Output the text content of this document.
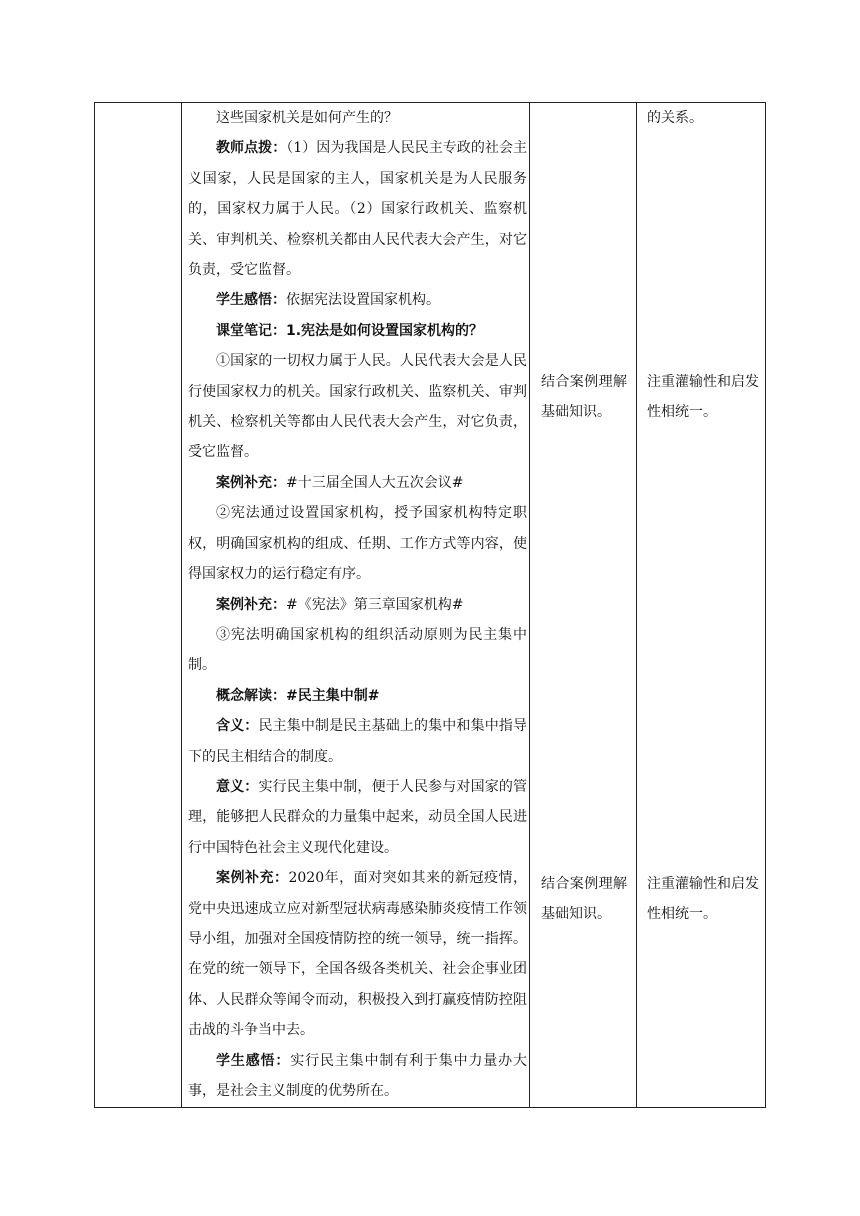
的关系。

这些国家机关是如何产生的？

教师点拨：（1）因为我国是人民民主专政的社会主义国家，人民是国家的主人，国家机关是为人民服务的，国家权力属于人民。（2）国家行政机关、监察机关、审判机关、检察机关都由人民代表大会产生，对它负责，受它监督。

学生感悟：依据宪法设置国家机构。

课堂笔记：1.宪法是如何设置国家机构的？

①国家的一切权力属于人民。人民代表大会是人民行使国家权力的机关。国家行政机关、监察机关、审判机关、检察机关等都由人民代表大会产生，对它负责，受它监督。

案例补充：#十三届全国人大五次会议#

②宪法通过设置国家机构，授予国家机构特定职权，明确国家机构的组成、任期、工作方式等内容，使得国家权力的运行稳定有序。

案例补充：#《宪法》第三章国家机构#

③宪法明确国家机构的组织活动原则为民主集中制。

概念解读：#民主集中制#

含义：民主集中制是民主基础上的集中和集中指导下的民主相结合的制度。

意义：实行民主集中制，便于人民参与对国家的管理，能够把人民群众的力量集中起来，动员全国人民进行中国特色社会主义现代化建设。

案例补充：2020年，面对突如其来的新冠疫情，党中央迅速成立应对新型冠状病毒感染肺炎疫情工作领导小组，加强对全国疫情防控的统一领导，统一指挥。在党的统一领导下，全国各级各类机关、社会企事业团体、人民群众等闻令而动，积极投入到打赢疫情防控阻击战的斗争当中去。

学生感悟：实行民主集中制有利于集中力量办大事，是社会主义制度的优势所在。

结合案例理解基础知识。
注重灌输性和启发性相统一。
结合案例理解基础知识。
注重灌输性和启发性相统一。
